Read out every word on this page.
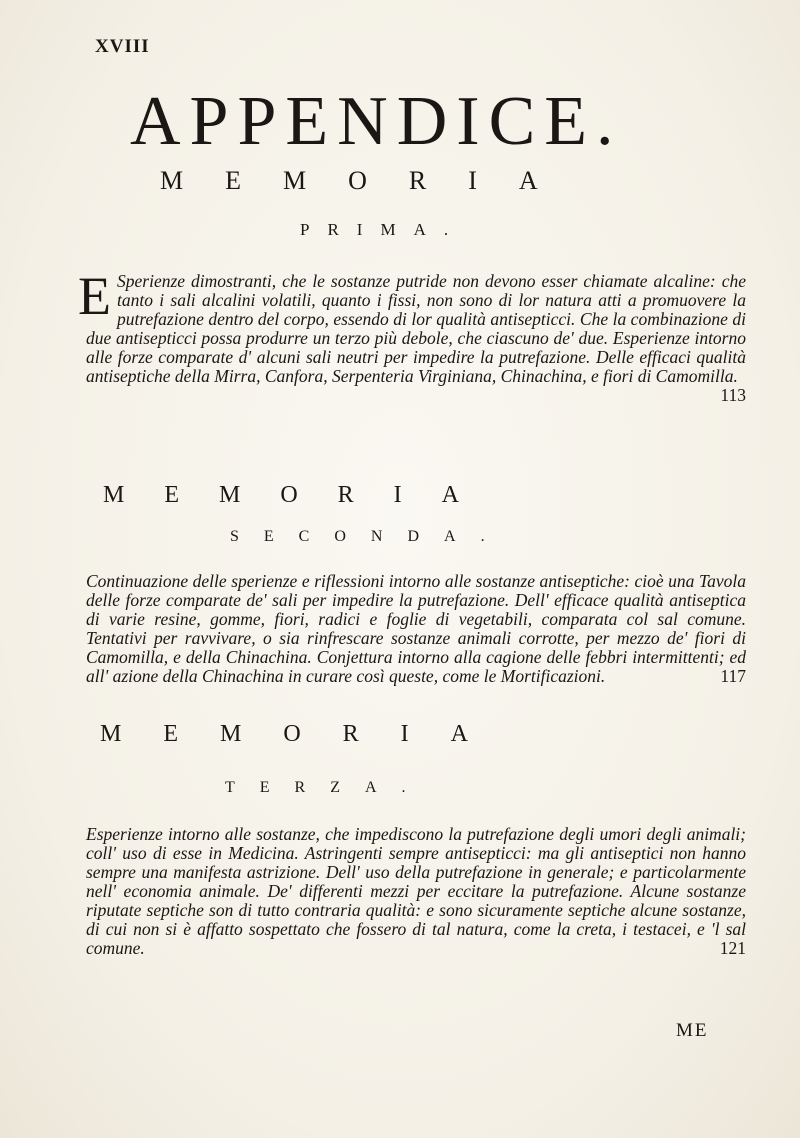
XVIII
APPENDICE.
MEMORIA
PRIMA.
E Sperienze dimostranti, che le sostanze putride non devono esser chiamate alcaline: che tanto i sali alcalini volatili, quanto i fissi, non sono di lor natura atti a promuovere la putrefazione dentro del corpo, essendo di lor qualità antisepticci. Che la combinazione di due antisepticci possa produrre un terzo più debole, che ciascuno de' due. Esperienze intorno alle forze comparate d' alcuni sali neutri per impedire la putrefazione. Delle efficaci qualità antiseptiche della Mirra, Canfora, Serpenteria Virginiana, Chinachina, e fiori di Camomilla.
113
MEMORIA
SECONDA.
Continuazione delle sperienze e riflessioni intorno alle sostanze antiseptiche: cioè una Tavola delle forze comparate de' sali per impedire la putrefazione. Dell' efficace qualità antiseptica di varie resine, gomme, fiori, radici e foglie di vegetabili, comparata col sal comune. Tentativi per ravvivare, o sia rinfrescare sostanze animali corrotte, per mezzo de' fiori di Camomilla, e della Chinachina. Conjettura intorno alla cagione delle febbri intermittenti; ed all' azione della Chinachina in curare così queste, come le Mortificazioni.	117
MEMORIA
TERZA.
Esperienze intorno alle sostanze, che impediscono la putrefazione degli umori degli animali; coll' uso di esse in Medicina. Astringenti sempre antisepticci: ma gli antiseptici non hanno sempre una manifesta astrizione. Dell' uso della putrefazione in generale; e particolarmente nell' economia animale. De' differenti mezzi per eccitare la putrefazione. Alcune sostanze riputate septiche son di tutto contraria qualità: e sono sicuramente septiche alcune sostanze, di cui non si è affatto sospettato che fossero di tal natura, come la creta, i testacei, e 'l sal comune.	121
ME
